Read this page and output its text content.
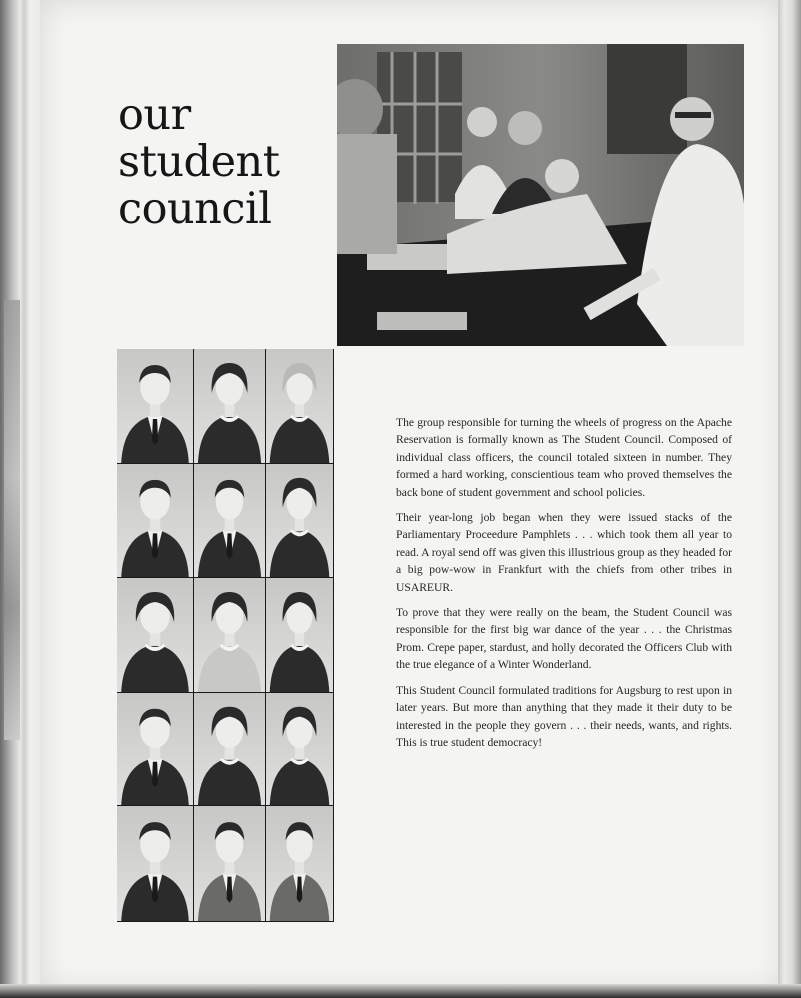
our
student
council

The group responsible for turning the wheels of progress on the Apache Reservation is formally known as The Student Council. Composed of individual class officers, the council totaled sixteen in number. They formed a hard working, conscientious team who proved themselves the back bone of student government and school policies.

Their year-long job began when they were issued stacks of the Parliamentary Proceedure Pamphlets . . . which took them all year to read. A royal send off was given this illustrious group as they headed for a big pow-wow in Frankfurt with the chiefs from other tribes in USAREUR.

To prove that they were really on the beam, the Student Council was responsible for the first big war dance of the year . . . the Christmas Prom. Crepe paper, stardust, and holly decorated the Officers Club with the true elegance of a Winter Wonderland.

This Student Council formulated traditions for Augsburg to rest upon in later years. But more than anything that they made it their duty to be interested in the people they govern . . . their needs, wants, and rights. This is true student democracy!
